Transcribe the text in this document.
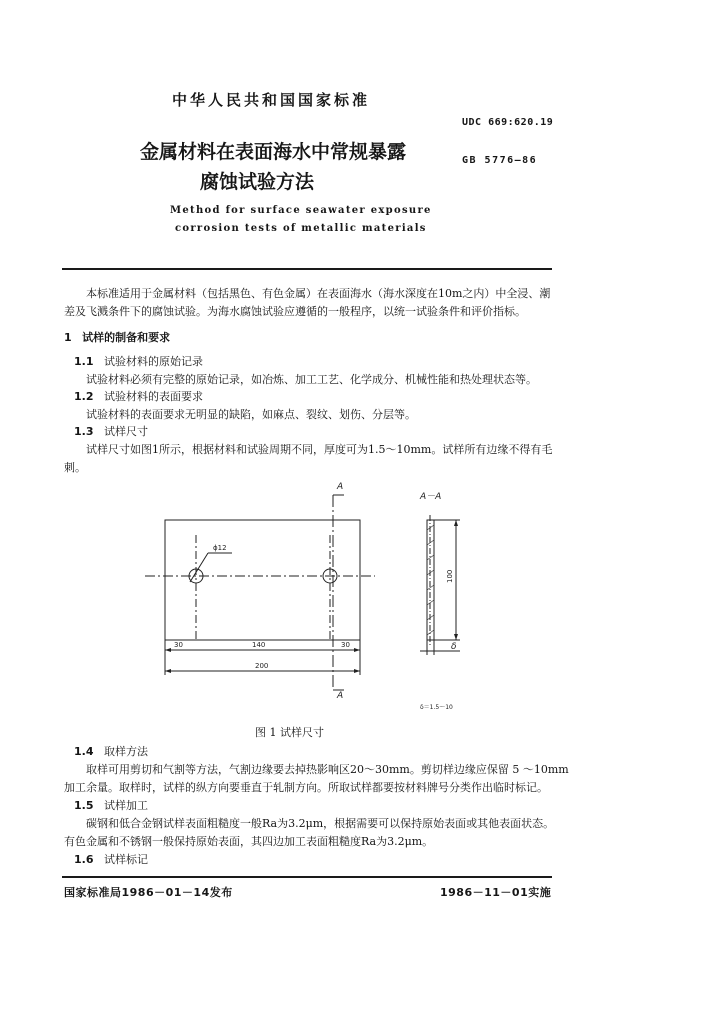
中华人民共和国国家标准
UDC 669:620.19
GB 5776—86
金属材料在表面海水中常规暴露
腐蚀试验方法
Method for surface seawater exposure
corrosion tests of metallic materials
本标准适用于金属材料（包括黑色、有色金属）在表面海水（海水深度在10m之内）中全浸、潮
差及飞溅条件下的腐蚀试验。为海水腐蚀试验应遵循的一般程序，以统一试验条件和评价指标。
1 试样的制备和要求
1.1 试验材料的原始记录
试验材料必须有完整的原始记录，如冶炼、加工工艺、化学成分、机械性能和热处理状态等。
1.2 试验材料的表面要求
试验材料的表面要求无明显的缺陷，如麻点、裂纹、划伤、分层等。
1.3 试样尺寸
试样尺寸如图1所示，根据材料和试验周期不同，厚度可为1.5～10mm。试样所有边缘不得有毛
刺。
A
A
A－A
ϕ12
30	140	30
200
100
δ
δ＝1.5～10
图 1 试样尺寸
1.4 取样方法
取样可用剪切和气割等方法，气割边缘要去掉热影响区20～30mm。剪切样边缘应保留 5 ～10mm
加工余量。取样时，试样的纵方向要垂直于轧制方向。所取试样都要按材料牌号分类作出临时标记。
1.5 试样加工
碳钢和低合金钢试样表面粗糙度一般Ra为3.2μm，根据需要可以保持原始表面或其他表面状态。
有色金属和不锈钢一般保持原始表面，其四边加工表面粗糙度Ra为3.2μm。
1.6 试样标记
国家标准局1986－01－14发布	1986－11－01实施
